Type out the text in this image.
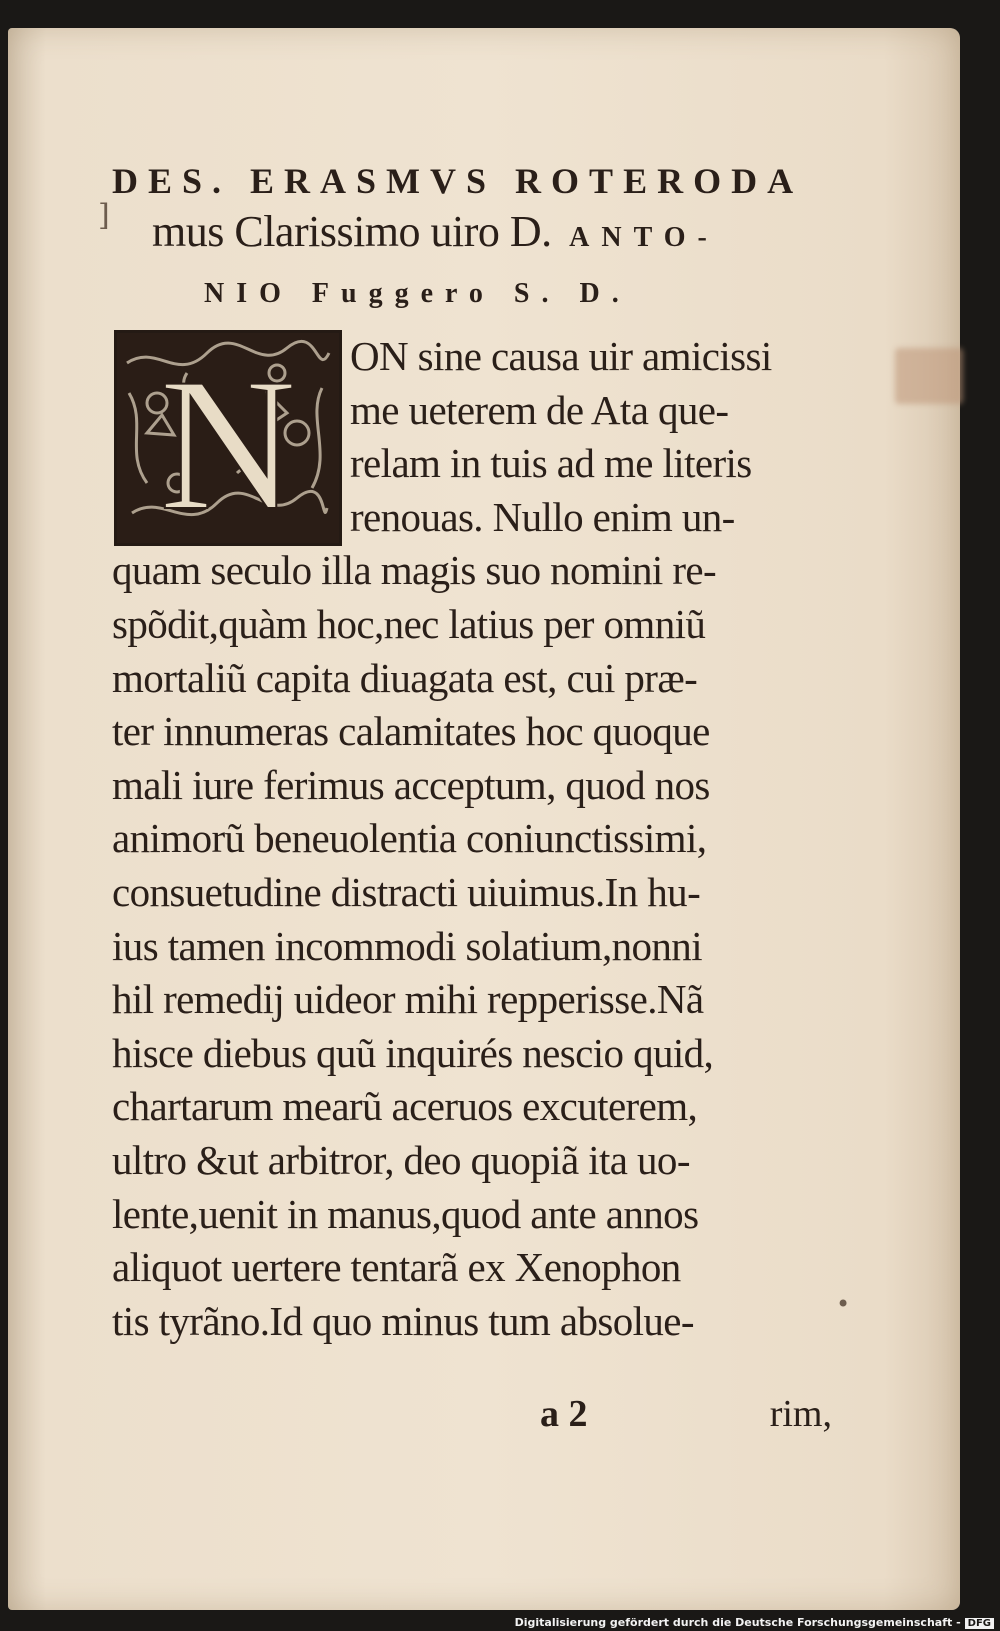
]
•
DES. ERASMVS ROTERODA
mus Clarissimo uiro D. ANTO-
NIO Fuggero S. D.
N ON sine causa uir amicissi
me ueterem de Ata que-
relam in tuis ad me literis
renouas. Nullo enim un-
quam seculo illa magis suo nomini re-
spõdit,quàm hoc,nec latius per omniũ
mortaliũ capita diuagata est, cui præ-
ter innumeras calamitates hoc quoque
mali iure ferimus acceptum, quod nos
animorũ beneuolentia coniunctissimi,
consuetudine distracti uiuimus.In hu-
ius tamen incommodi solatium,nonni
hil remedij uideor mihi repperisse.Nã
hisce diebus quũ inquirés nescio quid,
chartarum mearũ aceruos excuterem,
ultro &ut arbitror, deo quopiã ita uo-
lente,uenit in manus,quod ante annos
aliquot uertere tentarã ex Xenophon
tis tyrãno.Id quo minus tum absolue-
a 2	rim,
Digitalisierung gefördert durch die Deutsche Forschungsgemeinschaft - DFG
